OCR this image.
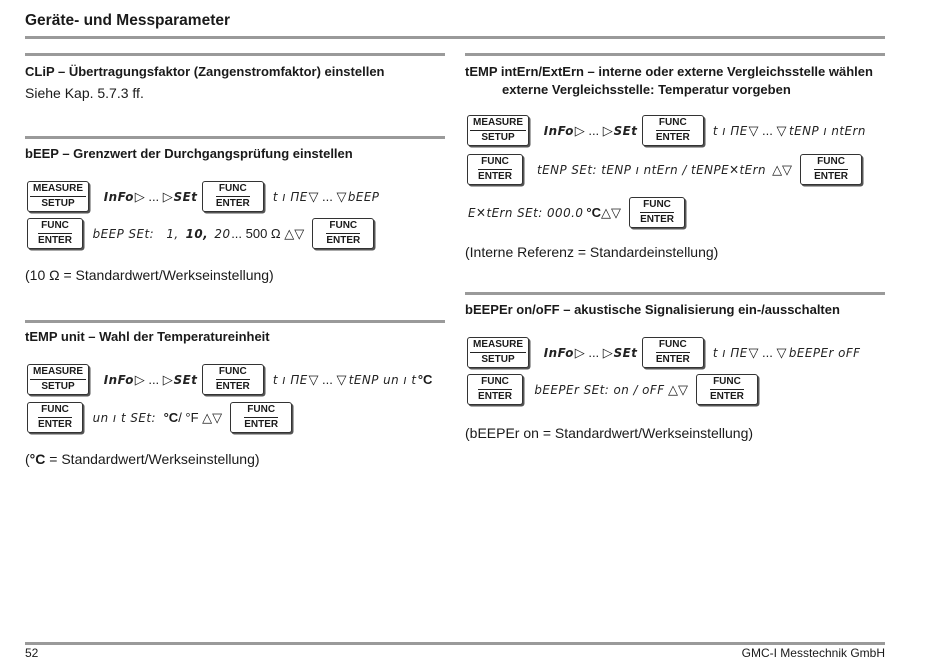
Geräte- und Messparameter
CLiP – Übertragungsfaktor (Zangenstromfaktor) einstellen
Siehe Kap. 5.7.3 ff.
bEEP – Grenzwert der Durchgangsprüfung einstellen
MEASURE
SETUP InFo ▷ ... ▷ SEt
FUNC
ENTER t ı ΠE ▽ ... ▽ bEEP
FUNC
ENTER bEEP SEt: 1, 10, 20 ... 500 Ω △▽	FUNC
ENTER
(10 Ω = Standardwert/Werkseinstellung)
tEMP unit – Wahl der Temperatureinheit
MEASURE
SETUP InFo ▷ ... ▷ SEt
FUNC
ENTER t ı ΠE ▽ ... ▽ tENP un ı t °C
FUNC
ENTER un ı t SEt: °C / °F △▽	FUNC
ENTER
(°C = Standardwert/Werkseinstellung)
tEMP intErn/ExtErn – interne oder externe Vergleichsstelle wählen
externe Vergleichsstelle: Temperatur vorgeben
MEASURE
SETUP InFo ▷ ... ▷ SEt
FUNC
ENTER t ı ΠE ▽ ... ▽ tENP ı ntErn
FUNC
ENTER tENP SEt: tENP ı ntErn / tENPE✕tErn △▽	FUNC
ENTER
E✕tErn SEt: 000.0 °C △▽	FUNC
ENTER
(Interne Referenz = Standardeinstellung)
bEEPEr on/oFF – akustische Signalisierung ein-/ausschalten
MEASURE
SETUP InFo ▷ ... ▷ SEt
FUNC
ENTER t ı ΠE ▽ ... ▽ bEEPEr oFF
FUNC
ENTER bEEPEr SEt: on / oFF △▽	FUNC
ENTER
(bEEPEr on = Standardwert/Werkseinstellung)
52	GMC-I Messtechnik GmbH
